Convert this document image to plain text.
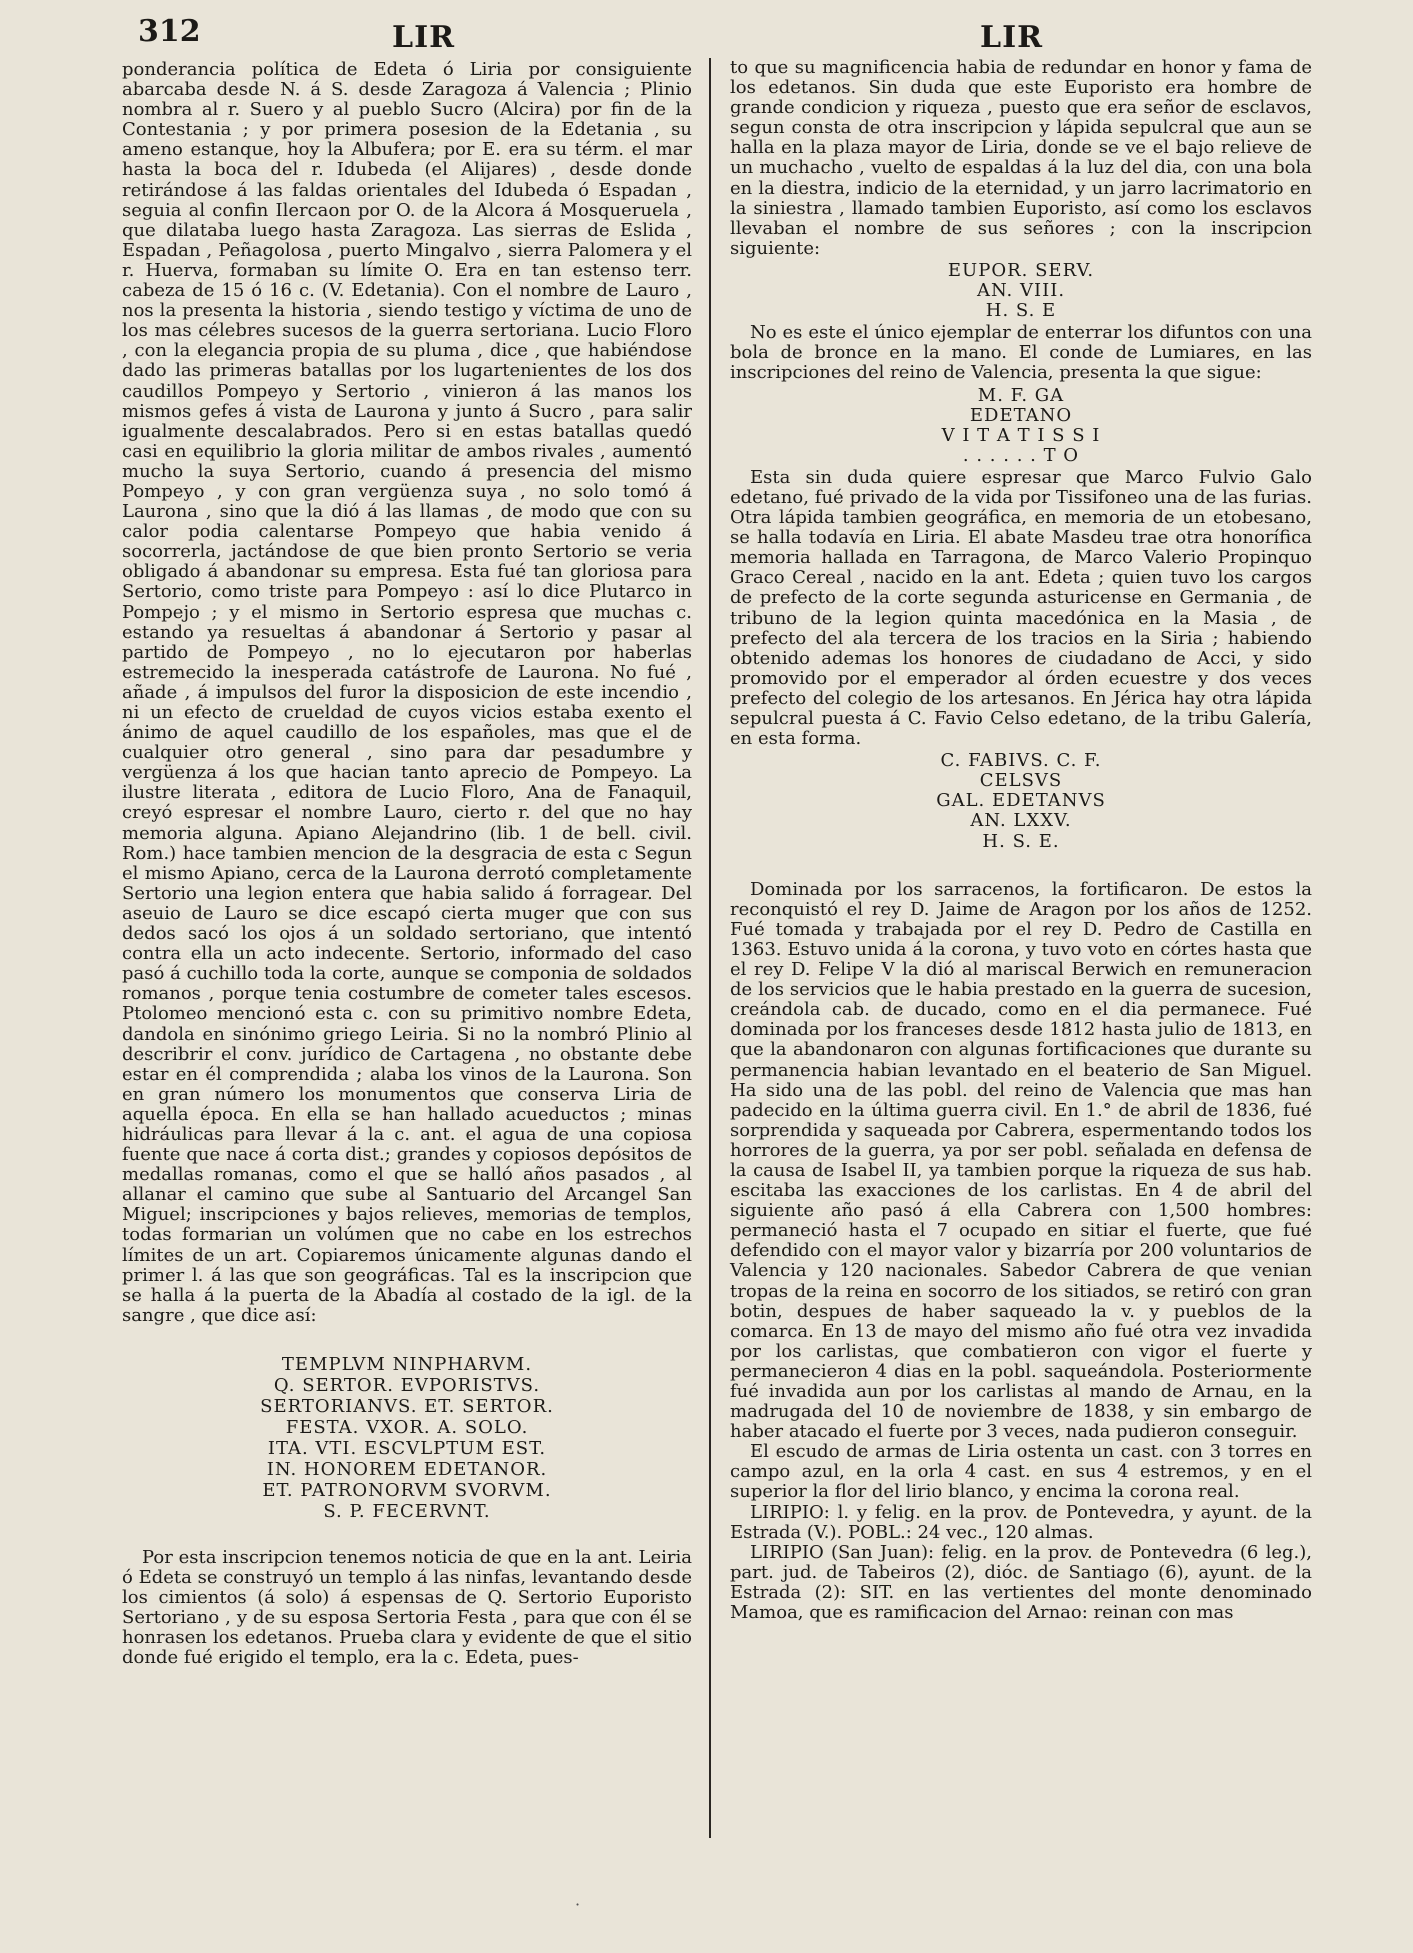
312	LIR	LIR

ponderancia política de Edeta ó Liria por consiguiente abarcaba desde N. á S. desde Zaragoza á Valencia ; Plinio nombra al r. Suero y al pueblo Sucro (Alcira) por fin de la Contestania ; y por primera posesion de la Edetania , su ameno estanque, hoy la Albufera; por E. era su térm. el mar hasta la boca del r. Idubeda (el Alijares) , desde donde retirándose á las faldas orientales del Idubeda ó Espadan , seguia al confin Ilercaon por O. de la Alcora á Mosqueruela , que dilataba luego hasta Zaragoza. Las sierras de Eslida , Espadan , Peñagolosa , puerto Mingalvo , sierra Palomera y el r. Huerva, formaban su límite O. Era en tan estenso terr. cabeza de 15 ó 16 c. (V. Edetania). Con el nombre de Lauro , nos la presenta la historia , siendo testigo y víctima de uno de los mas célebres sucesos de la guerra sertoriana. Lucio Floro , con la elegancia propia de su pluma , dice , que habiéndose dado las primeras batallas por los lugartenientes de los dos caudillos Pompeyo y Sertorio , vinieron á las manos los mismos gefes á vista de Laurona y junto á Sucro , para salir igualmente descalabrados. Pero si en estas batallas quedó casi en equilibrio la gloria militar de ambos rivales , aumentó mucho la suya Sertorio, cuando á presencia del mismo Pompeyo , y con gran vergüenza suya , no solo tomó á Laurona , sino que la dió á las llamas , de modo que con su calor podia calentarse Pompeyo que habia venido á socorrerla, jactándose de que bien pronto Sertorio se veria obligado á abandonar su empresa. Esta fué tan gloriosa para Sertorio, como triste para Pompeyo : así lo dice Plutarco in Pompejo ; y el mismo in Sertorio espresa que muchas c. estando ya resueltas á abandonar á Sertorio y pasar al partido de Pompeyo , no lo ejecutaron por haberlas estremecido la inesperada catástrofe de Laurona. No fué , añade , á impulsos del furor la disposicion de este incendio , ni un efecto de crueldad de cuyos vicios estaba exento el ánimo de aquel caudillo de los españoles, mas que el de cualquier otro general , sino para dar pesadumbre y vergüenza á los que hacian tanto aprecio de Pompeyo. La ilustre literata , editora de Lucio Floro, Ana de Fanaquil, creyó espresar el nombre Lauro, cierto r. del que no hay memoria alguna. Apiano Alejandrino (lib. 1 de bell. civil. Rom.) hace tambien mencion de la desgracia de esta c Segun el mismo Apiano, cerca de la Laurona derrotó completamente Sertorio una legion entera que habia salido á forragear. Del aseuio de Lauro se dice escapó cierta muger que con sus dedos sacó los ojos á un soldado sertoriano, que intentó contra ella un acto indecente. Sertorio, informado del caso pasó á cuchillo toda la corte, aunque se componia de soldados romanos , porque tenia costumbre de cometer tales escesos. Ptolomeo mencionó esta c. con su primitivo nombre Edeta, dandola en sinónimo griego Leiria. Si no la nombró Plinio al describrir el conv. jurídico de Cartagena , no obstante debe estar en él comprendida ; alaba los vinos de la Laurona. Son en gran número los monumentos que conserva Liria de aquella época. En ella se han hallado acueductos ; minas hidráulicas para llevar á la c. ant. el agua de una copiosa fuente que nace á corta dist.; grandes y copiosos depósitos de medallas romanas, como el que se halló años pasados , al allanar el camino que sube al Santuario del Arcangel San Miguel; inscripciones y bajos relieves, memorias de templos, todas formarian un volúmen que no cabe en los estrechos límites de un art. Copiaremos únicamente algunas dando el primer l. á las que son geográficas. Tal es la inscripcion que se halla á la puerta de la Abadía al costado de la igl. de la sangre , que dice así:

TEMPLVM NINPHARVM.
Q. SERTOR. EVPORISTVS.
SERTORIANVS. ET. SERTOR.
FESTA. VXOR. A. SOLO.
ITA. VTI. ESCVLPTUM EST.
IN. HONOREM EDETANOR.
ET. PATRONORVM SVORVM.
S. P. FECERVNT.

Por esta inscripcion tenemos noticia de que en la ant. Leiria ó Edeta se construyó un templo á las ninfas, levantando desde los cimientos (á solo) á espensas de Q. Sertorio Euporisto Sertoriano , y de su esposa Sertoria Festa , para que con él se honrasen los edetanos. Prueba clara y evidente de que el sitio donde fué erigido el templo, era la c. Edeta, pues-

to que su magnificencia habia de redundar en honor y fama de los edetanos. Sin duda que este Euporisto era hombre de grande condicion y riqueza , puesto que era señor de esclavos, segun consta de otra inscripcion y lápida sepulcral que aun se halla en la plaza mayor de Liria, donde se ve el bajo relieve de un muchacho , vuelto de espaldas á la luz del dia, con una bola en la diestra, indicio de la eternidad, y un jarro lacrimatorio en la siniestra , llamado tambien Euporisto, así como los esclavos llevaban el nombre de sus señores ; con la inscripcion siguiente:

EUPOR. SERV.
AN. VIII.
H. S. E

No es este el único ejemplar de enterrar los difuntos con una bola de bronce en la mano. El conde de Lumiares, en las inscripciones del reino de Valencia, presenta la que sigue:

M. F. GA
EDETANO
V I T A T I S S I
. . . . . . T O

Esta sin duda quiere espresar que Marco Fulvio Galo edetano, fué privado de la vida por Tissifoneo una de las furias. Otra lápida tambien geográfica, en memoria de un etobesano, se halla todavía en Liria. El abate Masdeu trae otra honorífica memoria hallada en Tarragona, de Marco Valerio Propinquo Graco Cereal , nacido en la ant. Edeta ; quien tuvo los cargos de prefecto de la corte segunda asturicense en Germania , de tribuno de la legion quinta macedónica en la Masia , de prefecto del ala tercera de los tracios en la Siria ; habiendo obtenido ademas los honores de ciudadano de Acci, y sido promovido por el emperador al órden ecuestre y dos veces prefecto del colegio de los artesanos. En Jérica hay otra lápida sepulcral puesta á C. Favio Celso edetano, de la tribu Galería, en esta forma.

C. FABIVS. C. F.
CELSVS
GAL. EDETANVS
AN. LXXV.
H. S. E.

Dominada por los sarracenos, la fortificaron. De estos la reconquistó el rey D. Jaime de Aragon por los años de 1252. Fué tomada y trabajada por el rey D. Pedro de Castilla en 1363. Estuvo unida á la corona, y tuvo voto en córtes hasta que el rey D. Felipe V la dió al mariscal Berwich en remuneracion de los servicios que le habia prestado en la guerra de sucesion, creándola cab. de ducado, como en el dia permanece. Fué dominada por los franceses desde 1812 hasta julio de 1813, en que la abandonaron con algunas fortificaciones que durante su permanencia habian levantado en el beaterio de San Miguel. Ha sido una de las pobl. del reino de Valencia que mas han padecido en la última guerra civil. En 1.° de abril de 1836, fué sorprendida y saqueada por Cabrera, espermentando todos los horrores de la guerra, ya por ser pobl. señalada en defensa de la causa de Isabel II, ya tambien porque la riqueza de sus hab. escitaba las exacciones de los carlistas. En 4 de abril del siguiente año pasó á ella Cabrera con 1,500 hombres: permaneció hasta el 7 ocupado en sitiar el fuerte, que fué defendido con el mayor valor y bizarría por 200 voluntarios de Valencia y 120 nacionales. Sabedor Cabrera de que venian tropas de la reina en socorro de los sitiados, se retiró con gran botin, despues de haber saqueado la v. y pueblos de la comarca. En 13 de mayo del mismo año fué otra vez invadida por los carlistas, que combatieron con vigor el fuerte y permanecieron 4 dias en la pobl. saqueándola. Posteriormente fué invadida aun por los carlistas al mando de Arnau, en la madrugada del 10 de noviembre de 1838, y sin embargo de haber atacado el fuerte por 3 veces, nada pudieron conseguir.

El escudo de armas de Liria ostenta un cast. con 3 torres en campo azul, en la orla 4 cast. en sus 4 estremos, y en el superior la flor del lirio blanco, y encima la corona real.

LIRIPIO: l. y felig. en la prov. de Pontevedra, y ayunt. de la Estrada (V.). POBL.: 24 vec., 120 almas.

LIRIPIO (San Juan): felig. en la prov. de Pontevedra (6 leg.), part. jud. de Tabeiros (2), dióc. de Santiago (6), ayunt. de la Estrada (2): SIT. en las vertientes del monte denominado Mamoa, que es ramificacion del Arnao: reinan con mas

·
